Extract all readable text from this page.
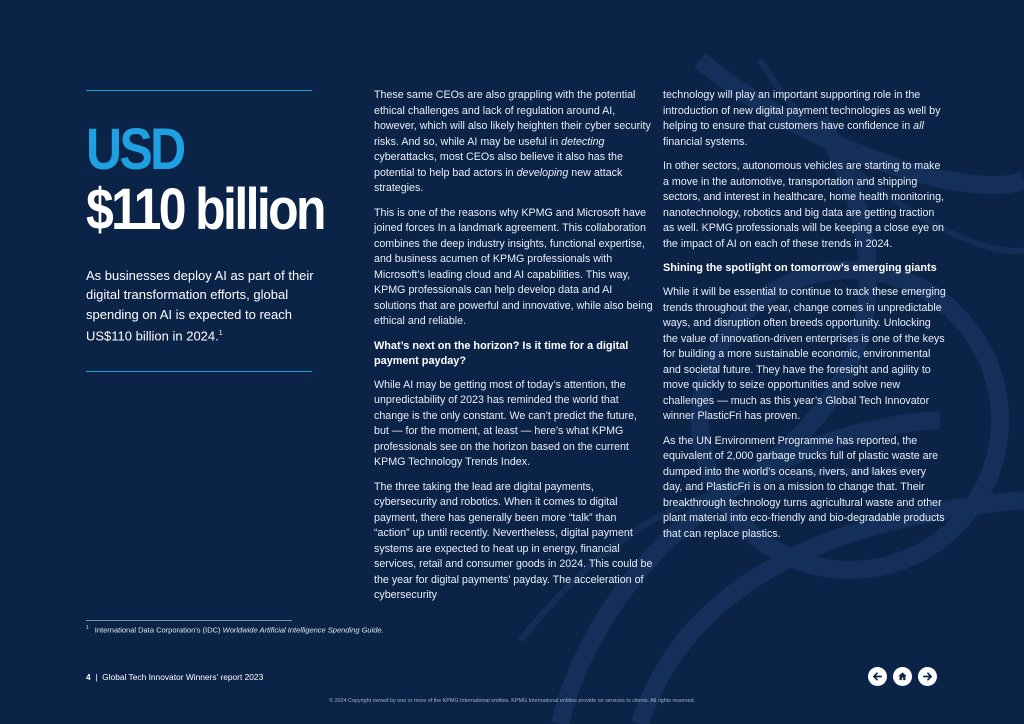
USD
$110 billion
As businesses deploy AI as part of their digital transformation efforts, global spending on AI is expected to reach US$110 billion in 2024.$^1$

These same CEOs are also grappling with the potential ethical challenges and lack of regulation around AI, however, which will also likely heighten their cyber security risks. And so, while AI may be useful in detecting cyberattacks, most CEOs also believe it also has the potential to help bad actors in developing new attack strategies.

This is one of the reasons why KPMG and Microsoft have joined forces In a landmark agreement. This collaboration combines the deep industry insights, functional expertise, and business acumen of KPMG professionals with Microsoft’s leading cloud and AI capabilities. This way, KPMG professionals can help develop data and AI solutions that are powerful and innovative, while also being ethical and reliable.

What’s next on the horizon? Is it time for a digital payment payday?

While AI may be getting most of today’s attention, the unpredictability of 2023 has reminded the world that change is the only constant. We can’t predict the future, but — for the moment, at least — here’s what KPMG professionals see on the horizon based on the current KPMG Technology Trends Index.

The three taking the lead are digital payments, cybersecurity and robotics. When it comes to digital payment, there has generally been more “talk” than “action” up until recently. Nevertheless, digital payment systems are expected to heat up in energy, financial services, retail and consumer goods in 2024. This could be the year for digital payments’ payday. The acceleration of cybersecurity

technology will play an important supporting role in the introduction of new digital payment technologies as well by helping to ensure that customers have confidence in all financial systems.

In other sectors, autonomous vehicles are starting to make a move in the automotive, transportation and shipping sectors, and interest in healthcare, home health monitoring, nanotechnology, robotics and big data are getting traction as well. KPMG professionals will be keeping a close eye on the impact of AI on each of these trends in 2024.

Shining the spotlight on tomorrow’s emerging giants

While it will be essential to continue to track these emerging trends throughout the year, change comes in unpredictable ways, and disruption often breeds opportunity. Unlocking the value of innovation-driven enterprises is one of the keys for building a more sustainable economic, environmental and societal future. They have the foresight and agility to move quickly to seize opportunities and solve new challenges — much as this year’s Global Tech Innovator winner PlasticFri has proven.

As the UN Environment Programme has reported, the equivalent of 2,000 garbage trucks full of plastic waste are dumped into the world’s oceans, rivers, and lakes every day, and PlasticFri is on a mission to change that. Their breakthrough technology turns agricultural waste and other plant material into eco-friendly and bio-degradable products that can replace plastics.

$^1$ International Data Corporation’s (IDC) Worldwide Artificial Intelligence Spending Guide.
4 | Global Tech Innovator Winners’ report 2023
© 2024 Copyright owned by one or more of the KPMG International entities. KPMG International entities provide no services to clients. All rights reserved.
